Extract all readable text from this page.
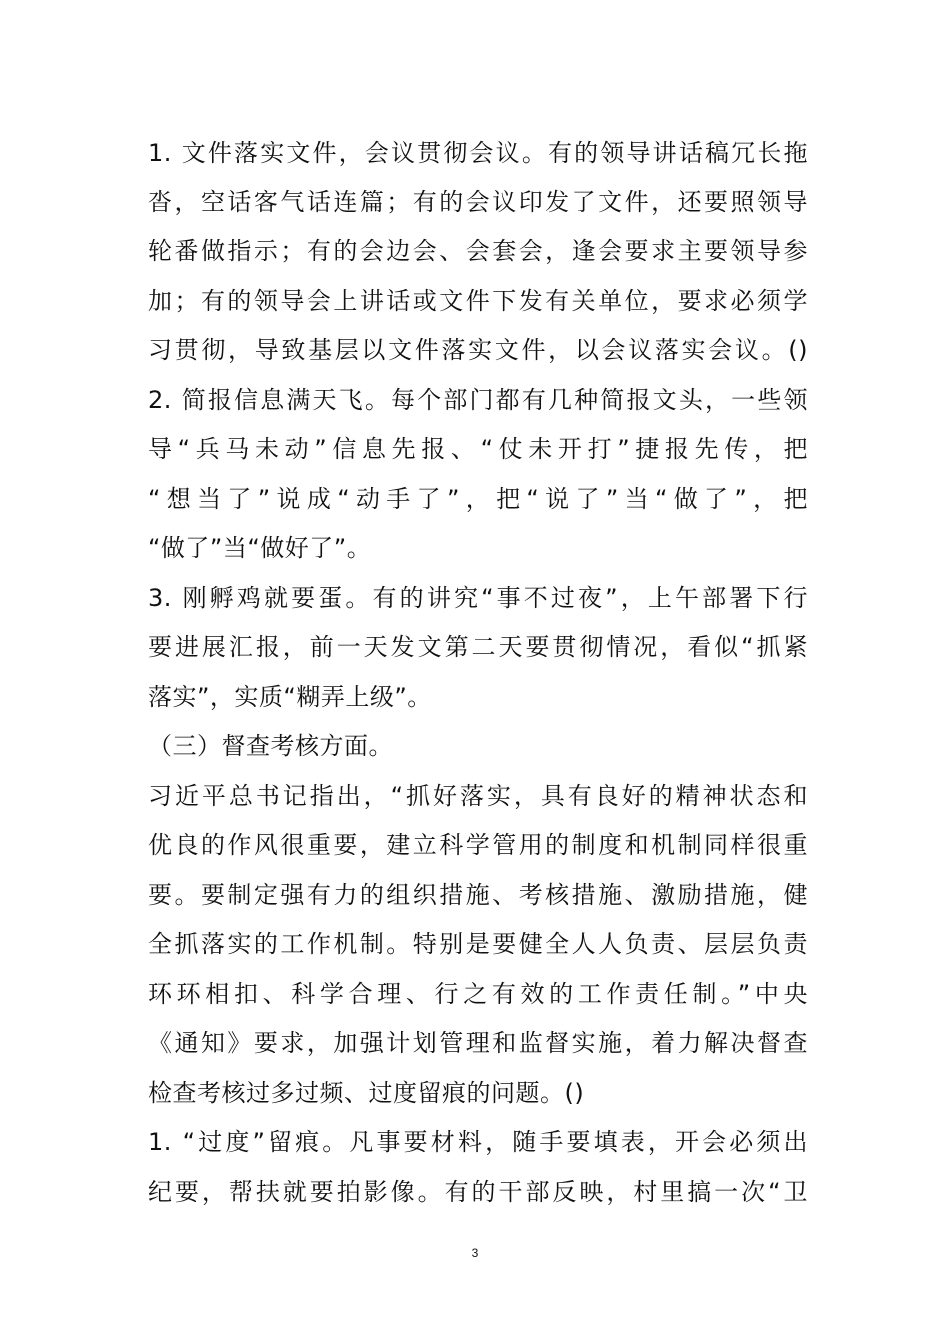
1. 文件落实文件，会议贯彻会议。有的领导讲话稿冗长拖
沓，空话客气话连篇；有的会议印发了文件，还要照领导
轮番做指示；有的会边会、会套会，逢会要求主要领导参
加；有的领导会上讲话或文件下发有关单位，要求必须学
习贯彻，导致基层以文件落实文件，以会议落实会议。()
2. 简报信息满天飞。每个部门都有几种简报文头，一些领
导“兵马未动”信息先报、“仗未开打”捷报先传，把
“想当了”说成“动手了”，把“说了”当“做了”，把
“做了”当“做好了”。
3. 刚孵鸡就要蛋。有的讲究“事不过夜”，上午部署下行
要进展汇报，前一天发文第二天要贯彻情况，看似“抓紧
落实”，实质“糊弄上级”。
（三）督查考核方面。
习近平总书记指出，“抓好落实，具有良好的精神状态和
优良的作风很重要，建立科学管用的制度和机制同样很重
要。要制定强有力的组织措施、考核措施、激励措施，健
全抓落实的工作机制。特别是要健全人人负责、层层负责
环环相扣、科学合理、行之有效的工作责任制。”中央
《通知》要求，加强计划管理和监督实施，着力解决督查
检查考核过多过频、过度留痕的问题。()
1. “过度”留痕。凡事要材料，随手要填表，开会必须出
纪要，帮扶就要拍影像。有的干部反映，村里搞一次“卫
3
